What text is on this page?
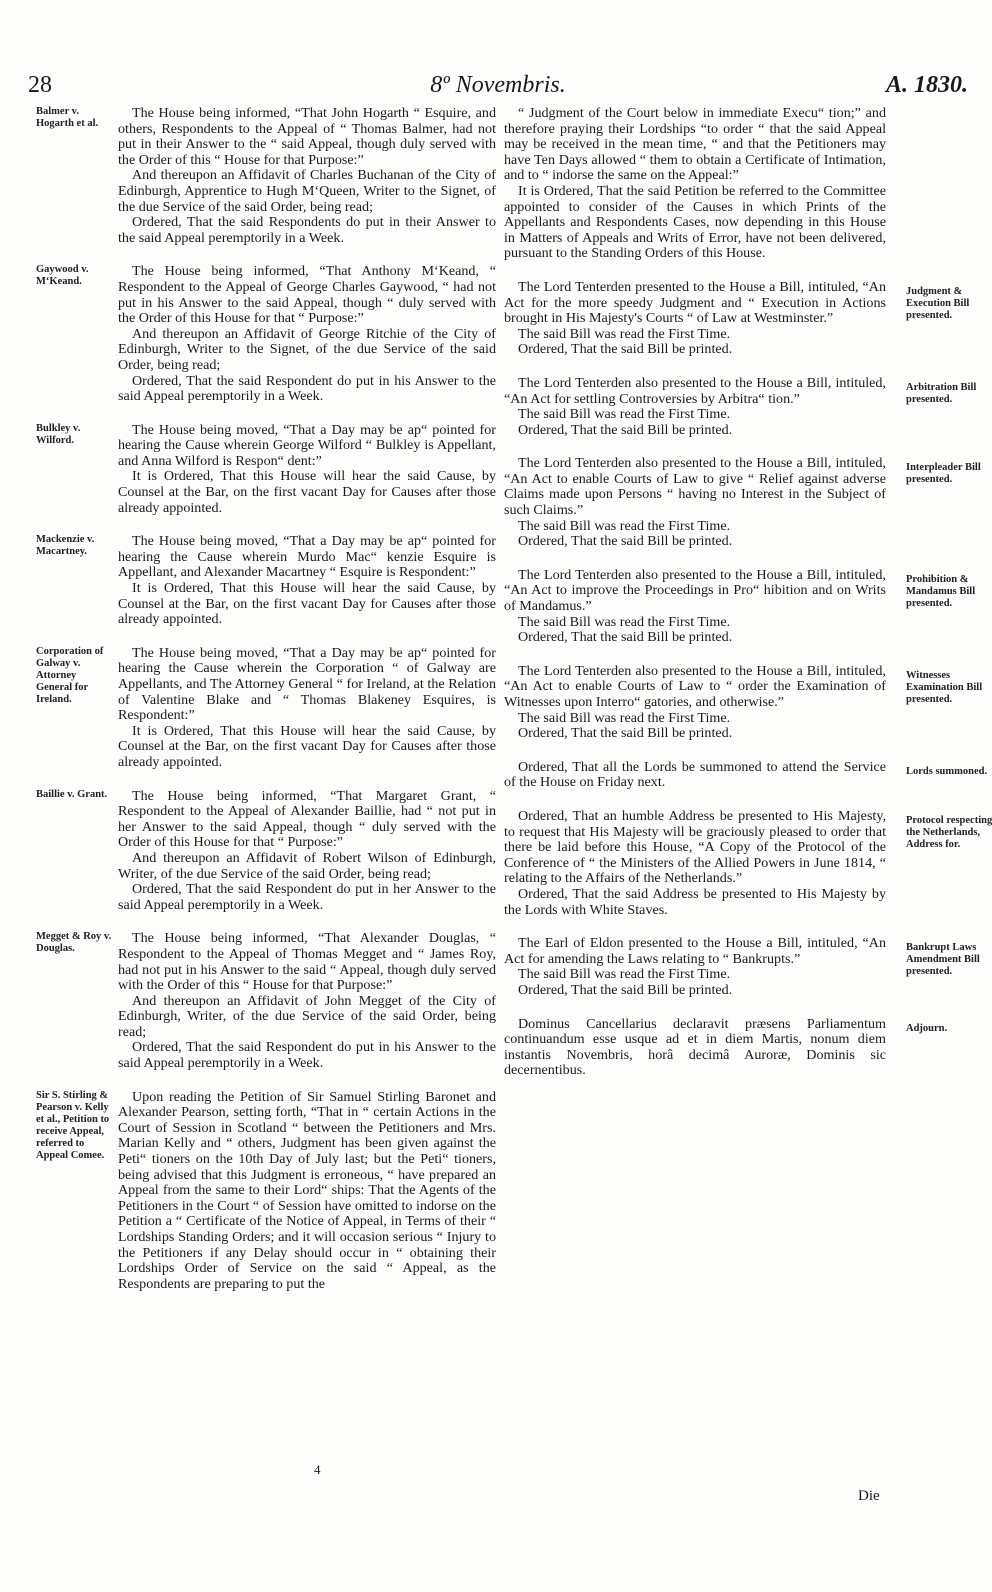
28	8º Novembris.	A. 1830.
Balmer v. Hogarth et al.

The House being informed, “That John Hogarth “ Esquire, and others, Respondents to the Appeal of “ Thomas Balmer, had not put in their Answer to the “ said Appeal, though duly served with the Order of this “ House for that Purpose:”

And thereupon an Affidavit of Charles Buchanan of the City of Edinburgh, Apprentice to Hugh M‘Queen, Writer to the Signet, of the due Service of the said Order, being read;

Ordered, That the said Respondents do put in their Answer to the said Appeal peremptorily in a Week.

Gaywood v. M‘Keand.

The House being informed, “That Anthony M‘Keand, “ Respondent to the Appeal of George Charles Gaywood, “ had not put in his Answer to the said Appeal, though “ duly served with the Order of this House for that “ Purpose:”

And thereupon an Affidavit of George Ritchie of the City of Edinburgh, Writer to the Signet, of the due Service of the said Order, being read;

Ordered, That the said Respondent do put in his Answer to the said Appeal peremptorily in a Week.

Bulkley v. Wilford.

The House being moved, “That a Day may be ap“ pointed for hearing the Cause wherein George Wilford “ Bulkley is Appellant, and Anna Wilford is Respon“ dent:”

It is Ordered, That this House will hear the said Cause, by Counsel at the Bar, on the first vacant Day for Causes after those already appointed.

Mackenzie v. Macartney.

The House being moved, “That a Day may be ap“ pointed for hearing the Cause wherein Murdo Mac“ kenzie Esquire is Appellant, and Alexander Macartney “ Esquire is Respondent:”

It is Ordered, That this House will hear the said Cause, by Counsel at the Bar, on the first vacant Day for Causes after those already appointed.

Corporation of Galway v. Attorney General for Ireland.

The House being moved, “That a Day may be ap“ pointed for hearing the Cause wherein the Corporation “ of Galway are Appellants, and The Attorney General “ for Ireland, at the Relation of Valentine Blake and “ Thomas Blakeney Esquires, is Respondent:”

It is Ordered, That this House will hear the said Cause, by Counsel at the Bar, on the first vacant Day for Causes after those already appointed.

Baillie v. Grant.	The House being informed, “That Margaret Grant, “ Respondent to the Appeal of Alexander Baillie, had “ not put in her Answer to the said Appeal, though “ duly served with the Order of this House for that “ Purpose:”

And thereupon an Affidavit of Robert Wilson of Edinburgh, Writer, of the due Service of the said Order, being read;

Ordered, That the said Respondent do put in her Answer to the said Appeal peremptorily in a Week.

Megget & Roy v. Douglas.

The House being informed, “That Alexander Douglas, “ Respondent to the Appeal of Thomas Megget and “ James Roy, had not put in his Answer to the said “ Appeal, though duly served with the Order of this “ House for that Purpose:”

And thereupon an Affidavit of John Megget of the City of Edinburgh, Writer, of the due Service of the said Order, being read;

Ordered, That the said Respondent do put in his Answer to the said Appeal peremptorily in a Week.

Sir S. Stirling & Pearson v. Kelly et al., Petition to receive Appeal, referred to Appeal Comee.

Upon reading the Petition of Sir Samuel Stirling Baronet and Alexander Pearson, setting forth, “That in “ certain Actions in the Court of Session in Scotland “ between the Petitioners and Mrs. Marian Kelly and “ others, Judgment has been given against the Peti“ tioners on the 10th Day of July last; but the Peti“ tioners, being advised that this Judgment is erroneous, “ have prepared an Appeal from the same to their Lord“ ships: That the Agents of the Petitioners in the Court “ of Session have omitted to indorse on the Petition a “ Certificate of the Notice of Appeal, in Terms of their “ Lordships Standing Orders; and it will occasion serious “ Injury to the Petitioners if any Delay should occur in “ obtaining their Lordships Order of Service on the said “ Appeal, as the Respondents are preparing to put the

“ Judgment of the Court below in immediate Execu“ tion;” and therefore praying their Lordships “to order “ that the said Appeal may be received in the mean time, “ and that the Petitioners may have Ten Days allowed “ them to obtain a Certificate of Intimation, and to “ indorse the same on the Appeal:”

It is Ordered, That the said Petition be referred to the Committee appointed to consider of the Causes in which Prints of the Appellants and Respondents Cases, now depending in this House in Matters of Appeals and Writs of Error, have not been delivered, pursuant to the Standing Orders of this House.

Judgment & Execution Bill presented.

The Lord Tenterden presented to the House a Bill, intituled, “An Act for the more speedy Judgment and “ Execution in Actions brought in His Majesty's Courts “ of Law at Westminster.”

The said Bill was read the First Time.

Ordered, That the said Bill be printed.

Arbitration Bill presented.

The Lord Tenterden also presented to the House a Bill, intituled, “An Act for settling Controversies by Arbitra“ tion.”

The said Bill was read the First Time.

Ordered, That the said Bill be printed.

Interpleader Bill presented.

The Lord Tenterden also presented to the House a Bill, intituled, “An Act to enable Courts of Law to give “ Relief against adverse Claims made upon Persons “ having no Interest in the Subject of such Claims.”

The said Bill was read the First Time.

Ordered, That the said Bill be printed.

Prohibition & Mandamus Bill presented.

The Lord Tenterden also presented to the House a Bill, intituled, “An Act to improve the Proceedings in Pro“ hibition and on Writs of Mandamus.”

The said Bill was read the First Time.

Ordered, That the said Bill be printed.

Witnesses Examination Bill presented.

The Lord Tenterden also presented to the House a Bill, intituled, “An Act to enable Courts of Law to “ order the Examination of Witnesses upon Interro“ gatories, and otherwise.”

The said Bill was read the First Time.

Ordered, That the said Bill be printed.

Lords summoned.

Ordered, That all the Lords be summoned to attend the Service of the House on Friday next.

Protocol respecting the Netherlands, Address for.

Ordered, That an humble Address be presented to His Majesty, to request that His Majesty will be graciously pleased to order that there be laid before this House, “A Copy of the Protocol of the Conference of “ the Ministers of the Allied Powers in June 1814, “ relating to the Affairs of the Netherlands.”

Ordered, That the said Address be presented to His Majesty by the Lords with White Staves.

Bankrupt Laws Amendment Bill presented.

The Earl of Eldon presented to the House a Bill, intituled, “An Act for amending the Laws relating to “ Bankrupts.”

The said Bill was read the First Time.

Ordered, That the said Bill be printed.

Adjourn.

Dominus Cancellarius declaravit præsens Parliamentum continuandum esse usque ad et in diem Martis, nonum diem instantis Novembris, horâ decimâ Auroræ, Dominis sic decernentibus.

4
Die
